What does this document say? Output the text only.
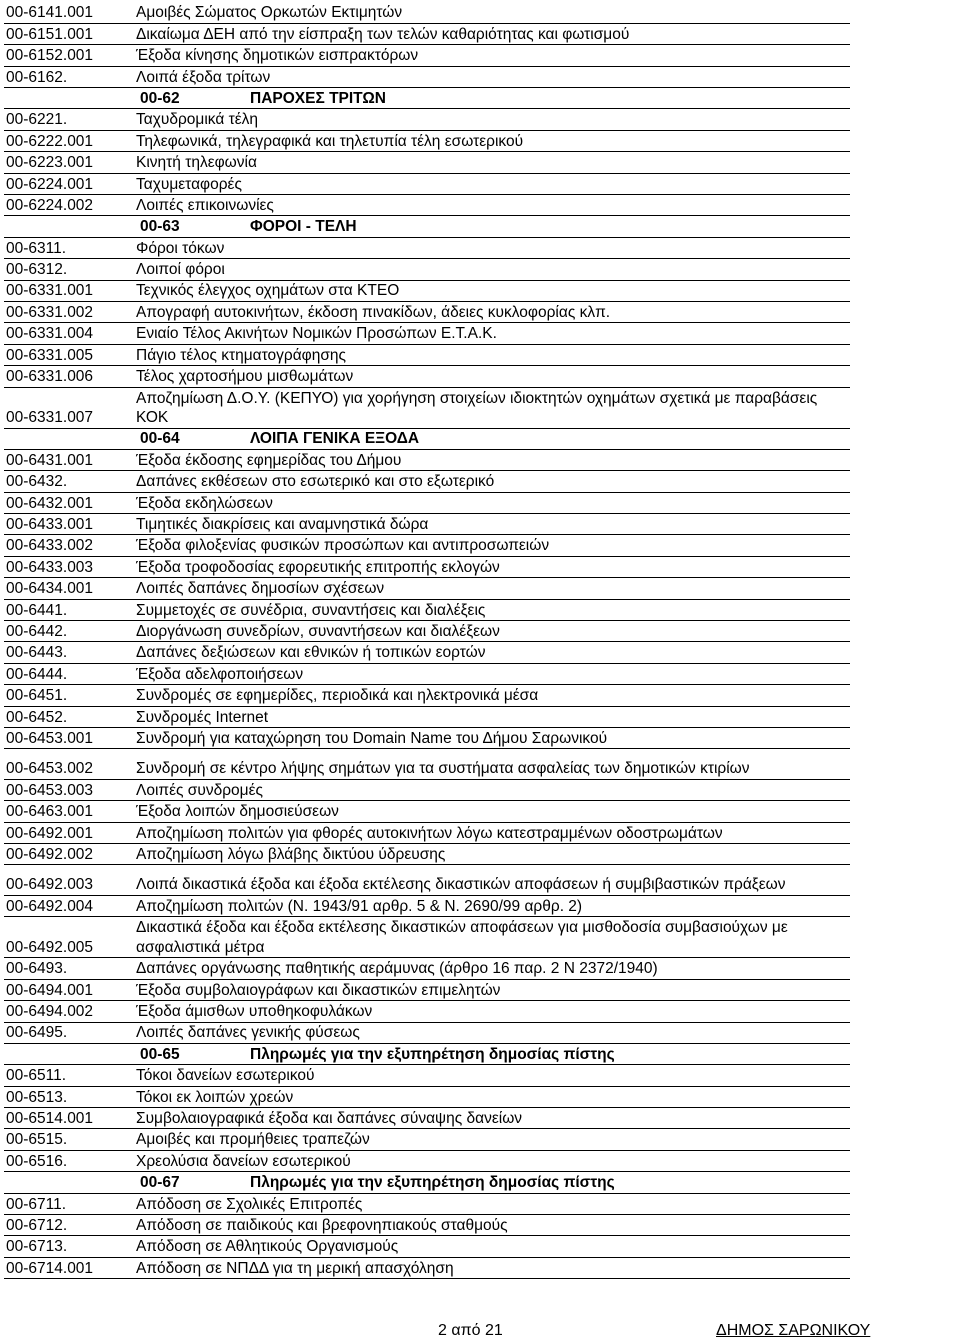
00-6141.001	Αμοιβές Σώματος Ορκωτών Εκτιμητών
00-6151.001	Δικαίωμα ΔΕΗ από την είσπραξη των τελών καθαριότητας και φωτισμού
00-6152.001	Έξοδα κίνησης δημοτικών εισπρακτόρων
00-6162.	Λοιπά έξοδα τρίτων
	00-62 ΠΑΡΟΧΕΣ ΤΡΙΤΩΝ
00-6221.	Ταχυδρομικά τέλη
00-6222.001	Τηλεφωνικά, τηλεγραφικά και τηλετυπία τέλη εσωτερικού
00-6223.001	Κινητή τηλεφωνία
00-6224.001	Ταχυμεταφορές
00-6224.002	Λοιπές επικοινωνίες
	00-63 ΦΟΡΟΙ - ΤΕΛΗ
00-6311.	Φόροι τόκων
00-6312.	Λοιποί φόροι
00-6331.001	Τεχνικός έλεγχος οχημάτων στα ΚΤΕΟ
00-6331.002	Απογραφή αυτοκινήτων, έκδοση πινακίδων, άδειες κυκλοφορίας κλπ.
00-6331.004	Ενιαίο Τέλος Ακινήτων Νομικών Προσώπων Ε.Τ.Α.Κ.
00-6331.005	Πάγιο τέλος κτηματογράφησης
00-6331.006	Τέλος χαρτοσήμου μισθωμάτων
00-6331.007	Αποζημίωση Δ.Ο.Υ. (ΚΕΠΥΟ) για χορήγηση στοιχείων ιδιοκτητών οχημάτων σχετικά με παραβάσεις ΚΟΚ
	00-64 ΛΟΙΠΑ ΓΕΝΙΚΑ ΕΞΟΔΑ
00-6431.001	Έξοδα έκδοσης εφημερίδας του Δήμου
00-6432.	Δαπάνες εκθέσεων στο εσωτερικό και στο εξωτερικό
00-6432.001	Έξοδα εκδηλώσεων
00-6433.001	Τιμητικές διακρίσεις και αναμνηστικά δώρα
00-6433.002	Έξοδα φιλοξενίας φυσικών προσώπων και αντιπροσωπειών
00-6433.003	Έξοδα τροφοδοσίας εφορευτικής επιτροπής εκλογών
00-6434.001	Λοιπές δαπάνες δημοσίων σχέσεων
00-6441.	Συμμετοχές σε συνέδρια, συναντήσεις και διαλέξεις
00-6442.	Διοργάνωση συνεδρίων, συναντήσεων και διαλέξεων
00-6443.	Δαπάνες δεξιώσεων και εθνικών ή τοπικών εορτών
00-6444.	Έξοδα αδελφοποιήσεων
00-6451.	Συνδρομές σε εφημερίδες, περιοδικά και ηλεκτρονικά μέσα
00-6452.	Συνδρομές Internet
00-6453.001	Συνδρομή για καταχώρηση του Domain Name του Δήμου Σαρωνικού
00-6453.002	Συνδρομή σε κέντρο λήψης σημάτων για τα συστήματα ασφαλείας των δημοτικών κτιρίων
00-6453.003	Λοιπές συνδρομές
00-6463.001	Έξοδα λοιπών δημοσιεύσεων
00-6492.001	Αποζημίωση πολιτών για φθορές αυτοκινήτων λόγω κατεστραμμένων οδοστρωμάτων
00-6492.002	Αποζημίωση λόγω βλάβης δικτύου ύδρευσης
00-6492.003	Λοιπά δικαστικά έξοδα και έξοδα εκτέλεσης δικαστικών αποφάσεων ή συμβιβαστικών πράξεων
00-6492.004	Αποζημίωση πολιτών (Ν. 1943/91 αρθρ. 5 & Ν. 2690/99 αρθρ. 2)
00-6492.005	Δικαστικά έξοδα και έξοδα εκτέλεσης δικαστικών αποφάσεων για μισθοδοσία συμβασιούχων με ασφαλιστικά μέτρα
00-6493.	Δαπάνες οργάνωσης παθητικής αεράμυνας (άρθρο 16 παρ. 2 Ν 2372/1940)
00-6494.001	Έξοδα συμβολαιογράφων και δικαστικών επιμελητών
00-6494.002	Έξοδα άμισθων υποθηκοφυλάκων
00-6495.	Λοιπές δαπάνες γενικής φύσεως
	00-65 Πληρωμές για την εξυπηρέτηση δημοσίας πίστης
00-6511.	Τόκοι δανείων εσωτερικού
00-6513.	Τόκοι εκ λοιπών χρεών
00-6514.001	Συμβολαιογραφικά έξοδα και δαπάνες σύναψης δανείων
00-6515.	Αμοιβές και προμήθειες τραπεζών
00-6516.	Χρεολύσια δανείων εσωτερικού
	00-67 Πληρωμές για την εξυπηρέτηση δημοσίας πίστης
00-6711.	Απόδοση σε Σχολικές Επιτροπές
00-6712.	Απόδοση σε παιδικούς και βρεφονηπιακούς σταθμούς
00-6713.	Απόδοση σε Αθλητικούς Οργανισμούς
00-6714.001	Απόδοση σε ΝΠΔΔ για τη μερική απασχόληση
2 από 21	ΔΗΜΟΣ ΣΑΡΩΝΙΚΟΥ
